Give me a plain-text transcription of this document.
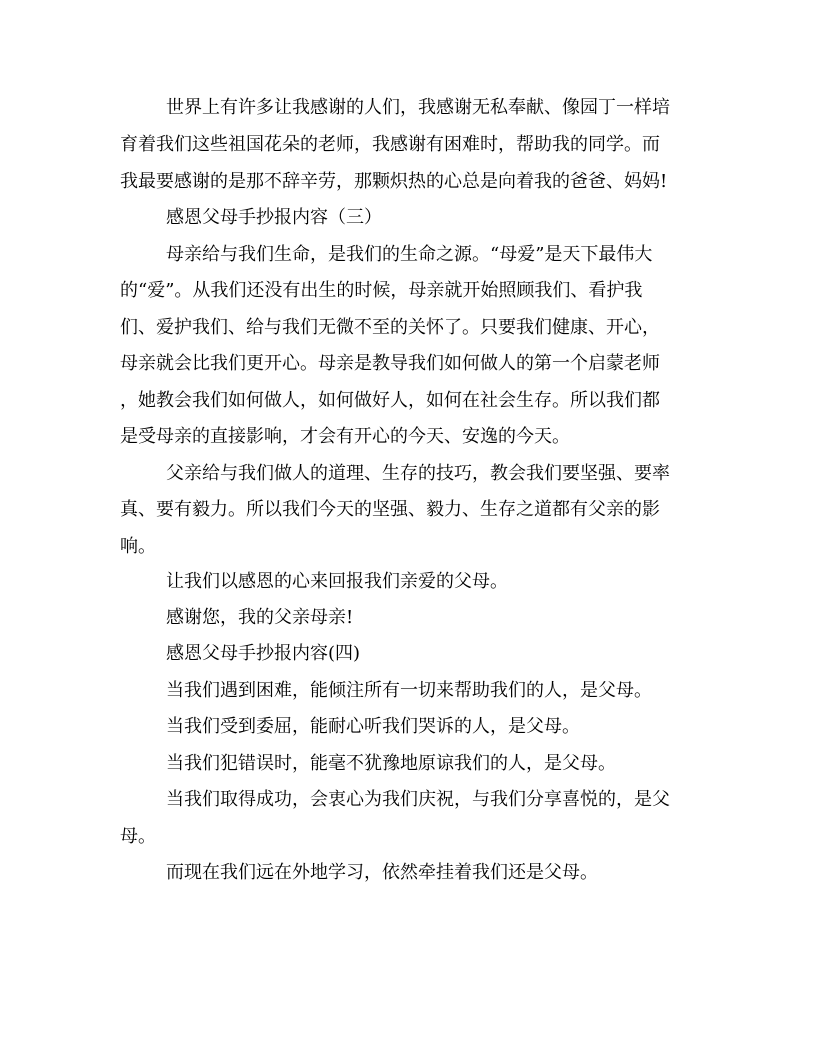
世界上有许多让我感谢的人们，我感谢无私奉献、像园丁一样培
育着我们这些祖国花朵的老师，我感谢有困难时，帮助我的同学。而
我最要感谢的是那不辞辛劳，那颗炽热的心总是向着我的爸爸、妈妈!
感恩父母手抄报内容（三）
母亲给与我们生命，是我们的生命之源。“母爱”是天下最伟大
的“爱”。从我们还没有出生的时候，母亲就开始照顾我们、看护我
们、爱护我们、给与我们无微不至的关怀了。只要我们健康、开心，
母亲就会比我们更开心。母亲是教导我们如何做人的第一个启蒙老师
，她教会我们如何做人，如何做好人，如何在社会生存。所以我们都
是受母亲的直接影响，才会有开心的今天、安逸的今天。
父亲给与我们做人的道理、生存的技巧，教会我们要坚强、要率
真、要有毅力。所以我们今天的坚强、毅力、生存之道都有父亲的影
响。
让我们以感恩的心来回报我们亲爱的父母。
感谢您，我的父亲母亲!
感恩父母手抄报内容(四)
当我们遇到困难，能倾注所有一切来帮助我们的人，是父母。
当我们受到委屈，能耐心听我们哭诉的人，是父母。
当我们犯错误时，能毫不犹豫地原谅我们的人，是父母。
当我们取得成功，会衷心为我们庆祝，与我们分享喜悦的，是父
母。
而现在我们远在外地学习，依然牵挂着我们还是父母。
